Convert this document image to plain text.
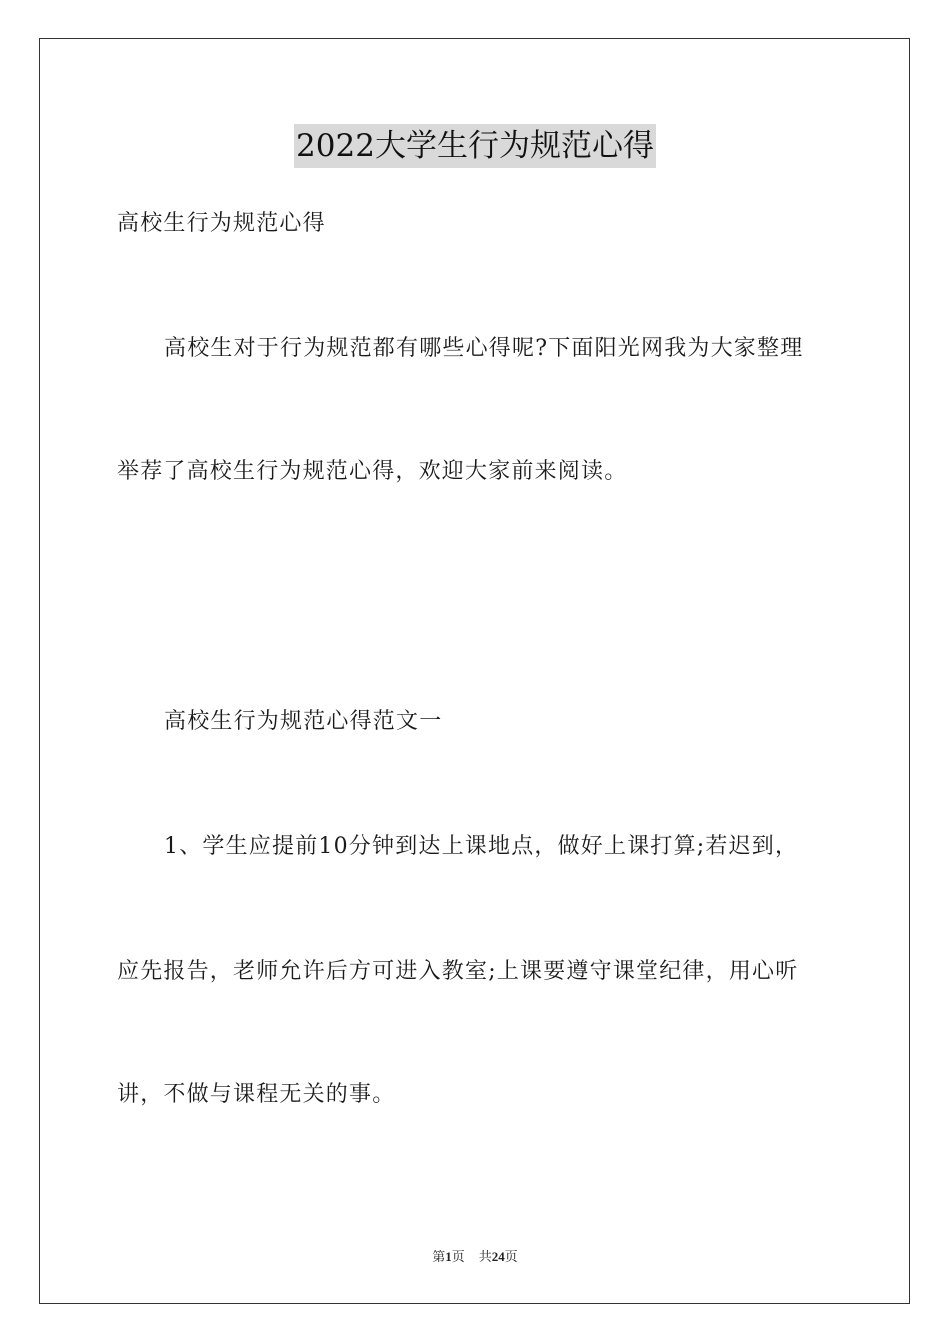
2022大学生行为规范心得
高校生行为规范心得
高校生对于行为规范都有哪些心得呢?下面阳光网我为大家整理
举荐了高校生行为规范心得，欢迎大家前来阅读。
高校生行为规范心得范文一
1、学生应提前10分钟到达上课地点，做好上课打算;若迟到，
应先报告，老师允许后方可进入教室;上课要遵守课堂纪律，用心听
讲，不做与课程无关的事。
第1页 共24页
